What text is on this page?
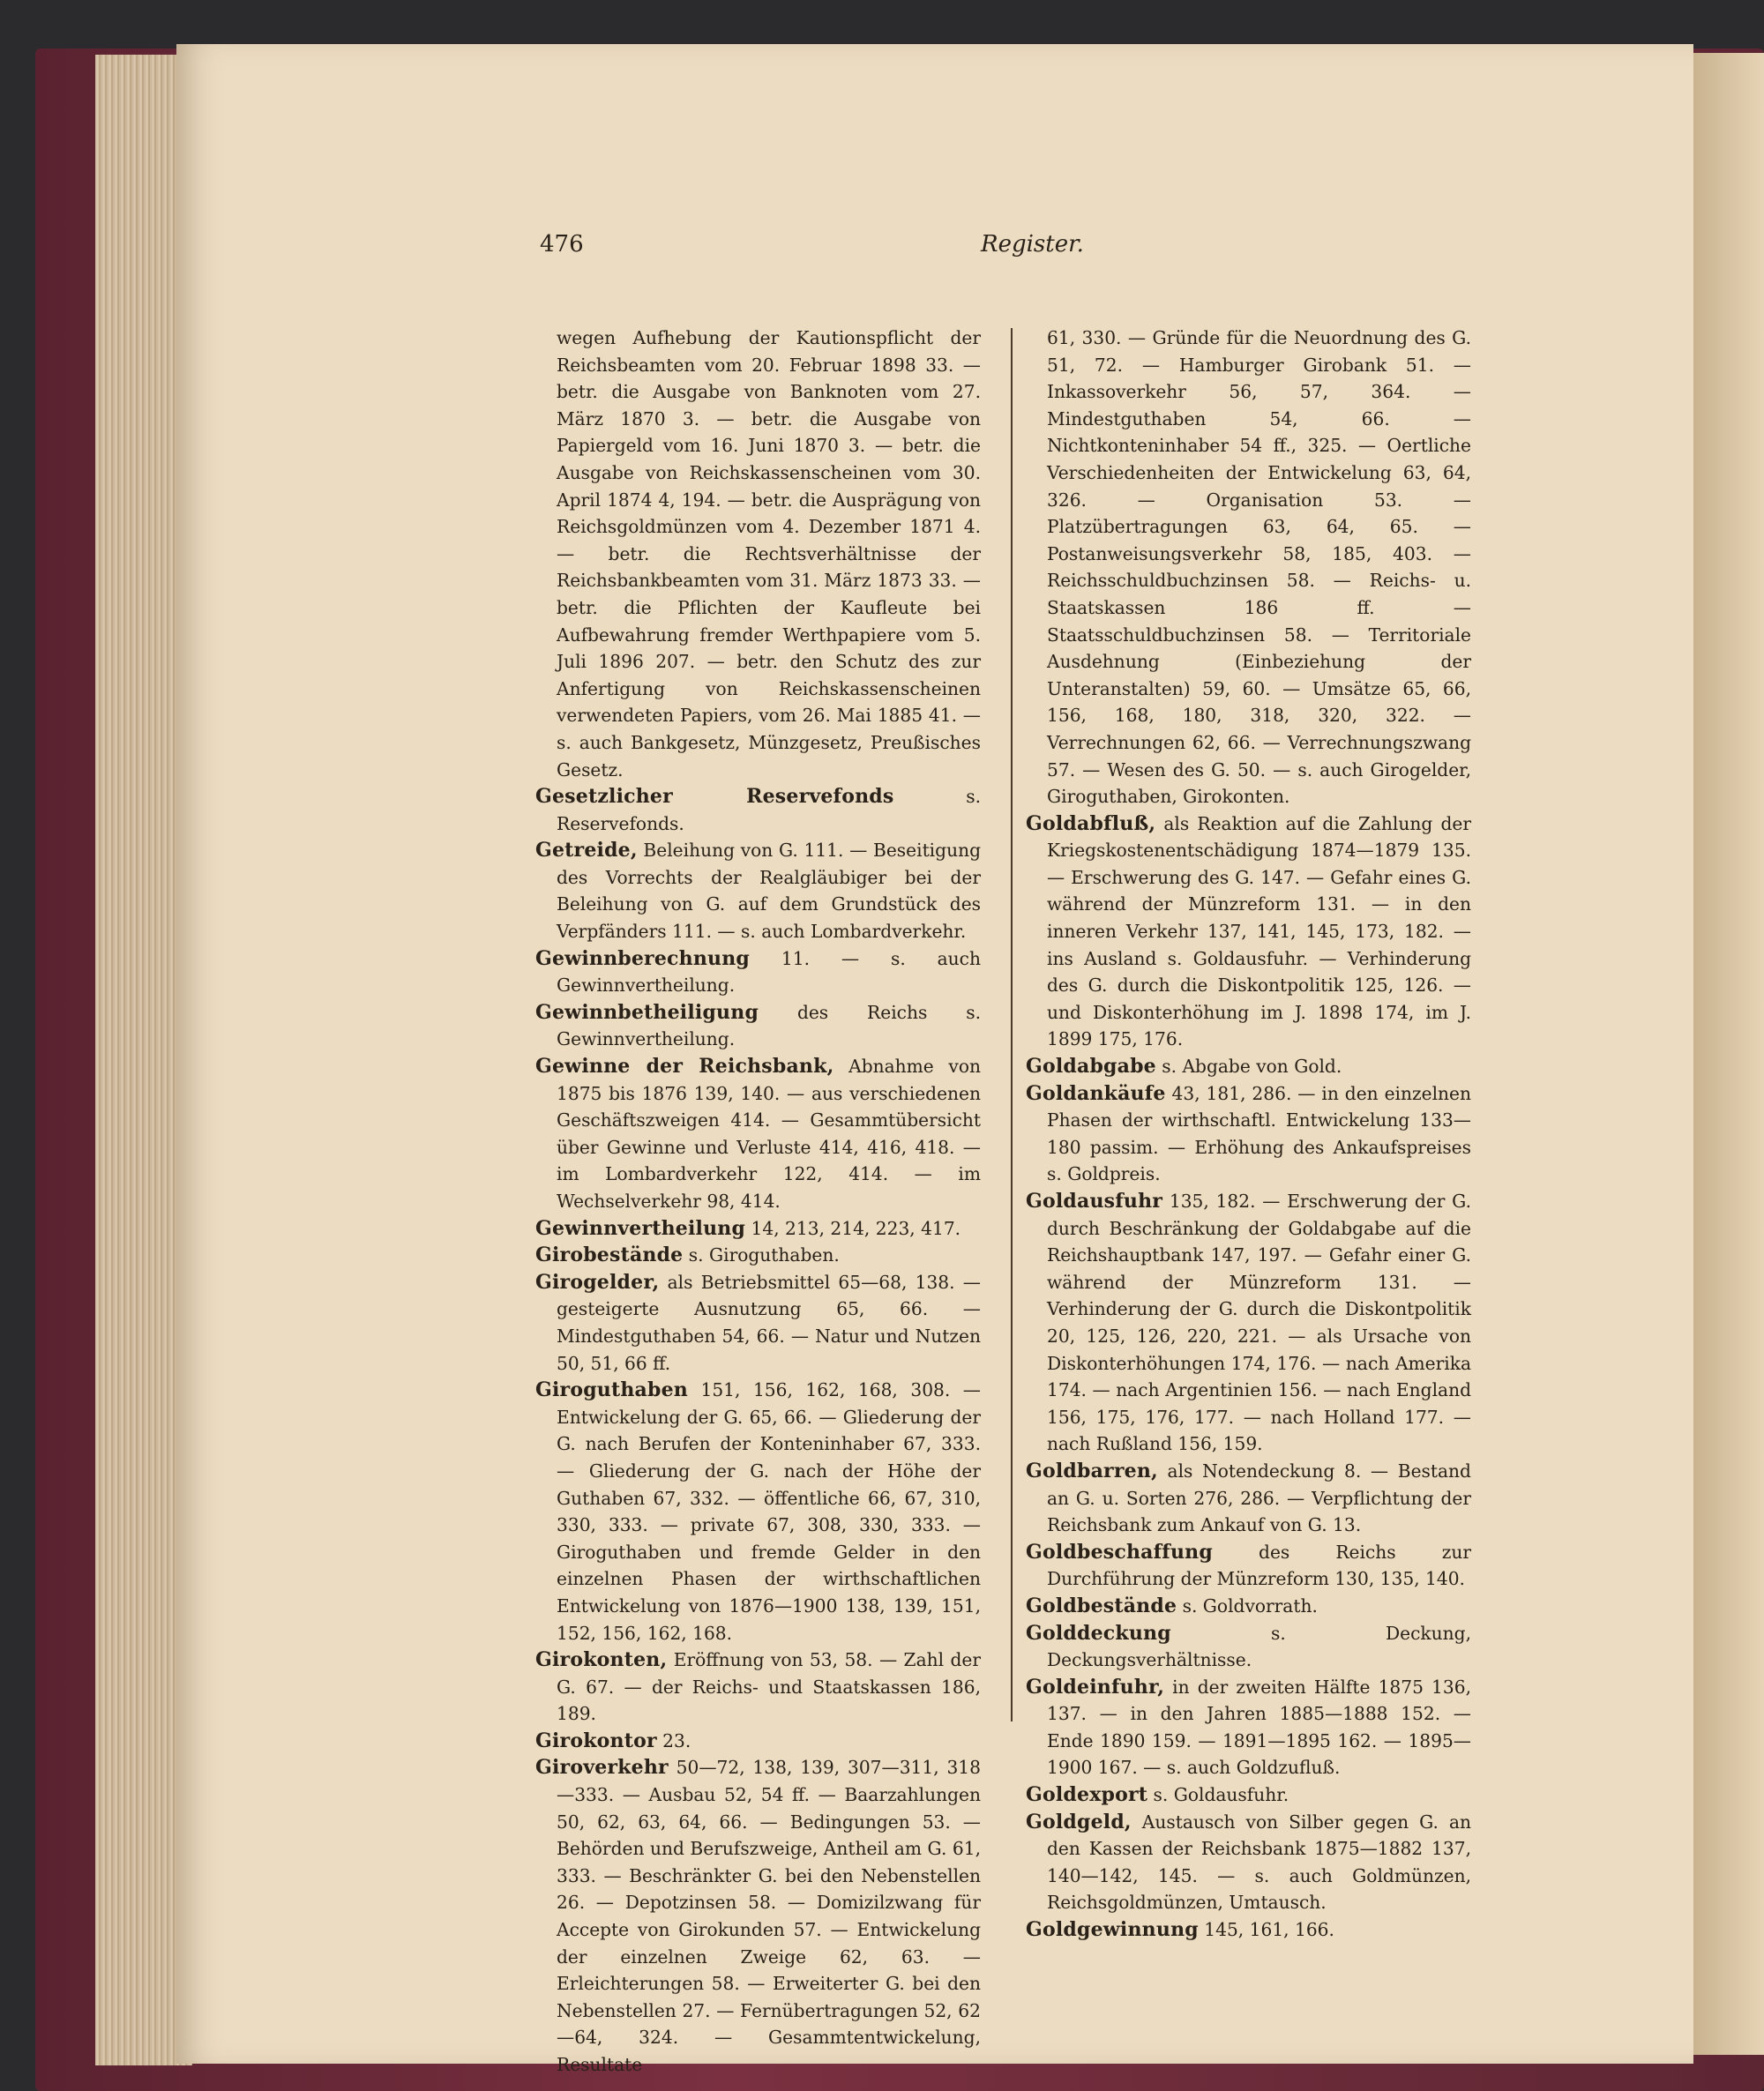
476	Register.

wegen Aufhebung der Kautionspflicht der Reichsbeamten vom 20. Februar 1898 33. — betr. die Ausgabe von Banknoten vom 27. März 1870 3. — betr. die Ausgabe von Papiergeld vom 16. Juni 1870 3. — betr. die Ausgabe von Reichskassenscheinen vom 30. April 1874 4, 194. — betr. die Ausprägung von Reichsgoldmünzen vom 4. Dezember 1871 4. — betr. die Rechtsverhältnisse der Reichsbankbeamten vom 31. März 1873 33. — betr. die Pflichten der Kaufleute bei Aufbewahrung fremder Werthpapiere vom 5. Juli 1896 207. — betr. den Schutz des zur Anfertigung von Reichskassenscheinen verwendeten Papiers, vom 26. Mai 1885 41. — s. auch Bankgesetz, Münzgesetz, Preußisches Gesetz.

Gesetzlicher Reservefonds s. Reservefonds.

Getreide, Beleihung von G. 111. — Beseitigung des Vorrechts der Realgläubiger bei der Beleihung von G. auf dem Grundstück des Verpfänders 111. — s. auch Lombardverkehr.

Gewinnberechnung 11. — s. auch Gewinnvertheilung.

Gewinnbetheiligung des Reichs s. Gewinnvertheilung.

Gewinne der Reichsbank, Abnahme von 1875 bis 1876 139, 140. — aus verschiedenen Geschäftszweigen 414. — Gesammtübersicht über Gewinne und Verluste 414, 416, 418. — im Lombardverkehr 122, 414. — im Wechselverkehr 98, 414.

Gewinnvertheilung 14, 213, 214, 223, 417.

Girobestände s. Giroguthaben.

Girogelder, als Betriebsmittel 65—68, 138. — gesteigerte Ausnutzung 65, 66. — Mindestguthaben 54, 66. — Natur und Nutzen 50, 51, 66 ff.

Giroguthaben 151, 156, 162, 168, 308. — Entwickelung der G. 65, 66. — Gliederung der G. nach Berufen der Konteninhaber 67, 333. — Gliederung der G. nach der Höhe der Guthaben 67, 332. — öffentliche 66, 67, 310, 330, 333. — private 67, 308, 330, 333. — Giroguthaben und fremde Gelder in den einzelnen Phasen der wirthschaftlichen Entwickelung von 1876—1900 138, 139, 151, 152, 156, 162, 168.

Girokonten, Eröffnung von 53, 58. — Zahl der G. 67. — der Reichs- und Staatskassen 186, 189.

Girokontor 23.

Giroverkehr 50—72, 138, 139, 307—311, 318—333. — Ausbau 52, 54 ff. — Baarzahlungen 50, 62, 63, 64, 66. — Bedingungen 53. — Behörden und Berufszweige, Antheil am G. 61, 333. — Beschränkter G. bei den Nebenstellen 26. — Depotzinsen 58. — Domizilzwang für Accepte von Girokunden 57. — Entwickelung der einzelnen Zweige 62, 63. — Erleichterungen 58. — Erweiterter G. bei den Nebenstellen 27. — Fernübertragungen 52, 62—64, 324. — Gesammtentwickelung, Resultate

61, 330. — Gründe für die Neuordnung des G. 51, 72. — Hamburger Girobank 51. — Inkassoverkehr 56, 57, 364. — Mindestguthaben 54, 66. — Nichtkonteninhaber 54 ff., 325. — Oertliche Verschiedenheiten der Entwickelung 63, 64, 326. — Organisation 53. — Platzübertragungen 63, 64, 65. — Postanweisungsverkehr 58, 185, 403. — Reichsschuldbuchzinsen 58. — Reichs- u. Staatskassen 186 ff. — Staatsschuldbuchzinsen 58. — Territoriale Ausdehnung (Einbeziehung der Unteranstalten) 59, 60. — Umsätze 65, 66, 156, 168, 180, 318, 320, 322. — Verrechnungen 62, 66. — Verrechnungszwang 57. — Wesen des G. 50. — s. auch Girogelder, Giroguthaben, Girokonten.

Goldabfluß, als Reaktion auf die Zahlung der Kriegskostenentschädigung 1874—1879 135. — Erschwerung des G. 147. — Gefahr eines G. während der Münzreform 131. — in den inneren Verkehr 137, 141, 145, 173, 182. — ins Ausland s. Goldausfuhr. — Verhinderung des G. durch die Diskontpolitik 125, 126. — und Diskonterhöhung im J. 1898 174, im J. 1899 175, 176.

Goldabgabe s. Abgabe von Gold.

Goldankäufe 43, 181, 286. — in den einzelnen Phasen der wirthschaftl. Entwickelung 133—180 passim. — Erhöhung des Ankaufspreises s. Goldpreis.

Goldausfuhr 135, 182. — Erschwerung der G. durch Beschränkung der Goldabgabe auf die Reichshauptbank 147, 197. — Gefahr einer G. während der Münzreform 131. — Verhinderung der G. durch die Diskontpolitik 20, 125, 126, 220, 221. — als Ursache von Diskonterhöhungen 174, 176. — nach Amerika 174. — nach Argentinien 156. — nach England 156, 175, 176, 177. — nach Holland 177. — nach Rußland 156, 159.

Goldbarren, als Notendeckung 8. — Bestand an G. u. Sorten 276, 286. — Verpflichtung der Reichsbank zum Ankauf von G. 13.

Goldbeschaffung des Reichs zur Durchführung der Münzreform 130, 135, 140.

Goldbestände s. Goldvorrath.

Golddeckung s. Deckung, Deckungsverhältnisse.

Goldeinfuhr, in der zweiten Hälfte 1875 136, 137. — in den Jahren 1885—1888 152. — Ende 1890 159. — 1891—1895 162. — 1895—1900 167. — s. auch Goldzufluß.

Goldexport s. Goldausfuhr.

Goldgeld, Austausch von Silber gegen G. an den Kassen der Reichsbank 1875—1882 137, 140—142, 145. — s. auch Goldmünzen, Reichsgoldmünzen, Umtausch.

Goldgewinnung 145, 161, 166.
